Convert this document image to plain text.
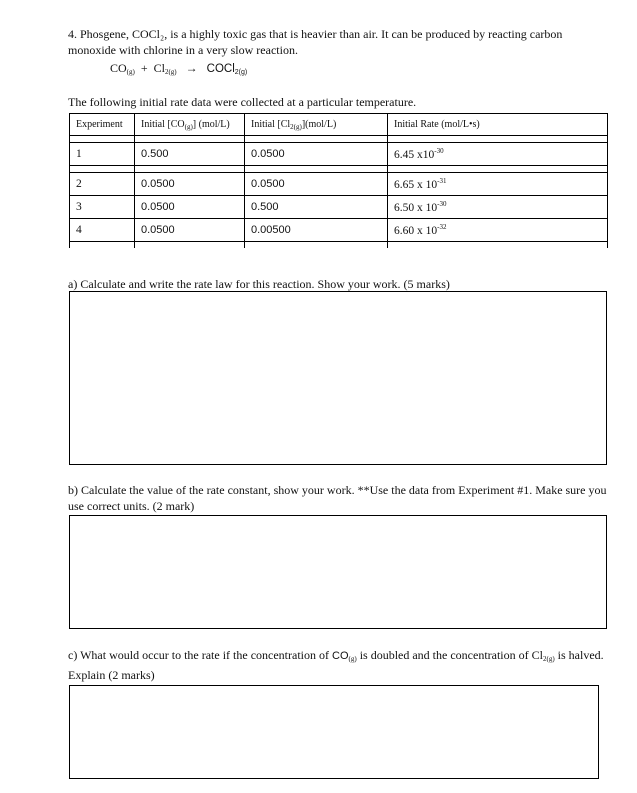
4. Phosgene, COCl₂, is a highly toxic gas that is heavier than air. It can be produced by reacting carbon monoxide with chlorine in a very slow reaction.
$CO_{(g)} + Cl_{2(g)}$ → COCl$_{2(g)}$
The following initial rate data were collected at a particular temperature.
Experiment	Initial $[CO_{(g)}]$ (mol/L)	Initial $[Cl_{2(g)}](mol/L)$	Initial Rate (mol/L•s)

1	0.500	0.0500	6.45 $x10^{-30}$

2	0.0500	0.0500	6.65 x $10^{-31}$
3	0.0500	0.500	6.50 x $10^{-30}$
4	0.0500	0.00500	6.60 x $10^{-32}$

a) Calculate and write the rate law for this reaction. Show your work. (5 marks)
b) Calculate the value of the rate constant, show your work. **Use the data from Experiment #1. Make sure you use correct units. (2 mark)
c) What would occur to the rate if the concentration of $CO_{(g)}$ is doubled and the concentration of $Cl_{2(g)}$ is halved. Explain (2 marks)
